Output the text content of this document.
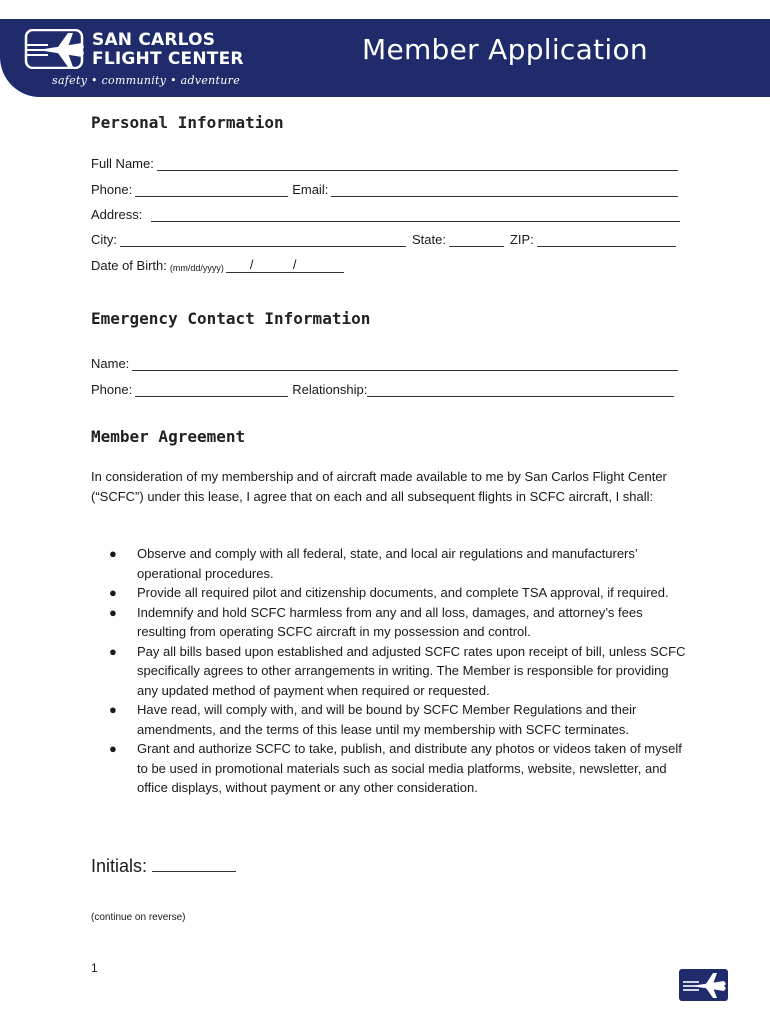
SAN CARLOS
FLIGHT CENTER
safety • community • adventure
Member Application
Personal Information
Full Name:
Phone:	Email:
Address:
City:	State:	ZIP:
Date of Birth: (mm/dd/yyyy) /	/
Emergency Contact Information
Name:
Phone:	Relationship:
Member Agreement

In consideration of my membership and of aircraft made available to me by San Carlos Flight Center (“SCFC”) under this lease, I agree that on each and all subsequent flights in SCFC aircraft, I shall:

● Observe and comply with all federal, state, and local air regulations and manufacturers’ operational procedures.
● Provide all required pilot and citizenship documents, and complete TSA approval, if required.
● Indemnify and hold SCFC harmless from any and all loss, damages, and attorney’s fees resulting from operating SCFC aircraft in my possession and control.
● Pay all bills based upon established and adjusted SCFC rates upon receipt of bill, unless SCFC specifically agrees to other arrangements in writing. The Member is responsible for providing any updated method of payment when required or requested.
● Have read, will comply with, and will be bound by SCFC Member Regulations and their amendments, and the terms of this lease until my membership with SCFC terminates.
● Grant and authorize SCFC to take, publish, and distribute any photos or videos taken of myself to be used in promotional materials such as social media platforms, website, newsletter, and office displays, without payment or any other consideration.
Initials:
(continue on reverse)
1
